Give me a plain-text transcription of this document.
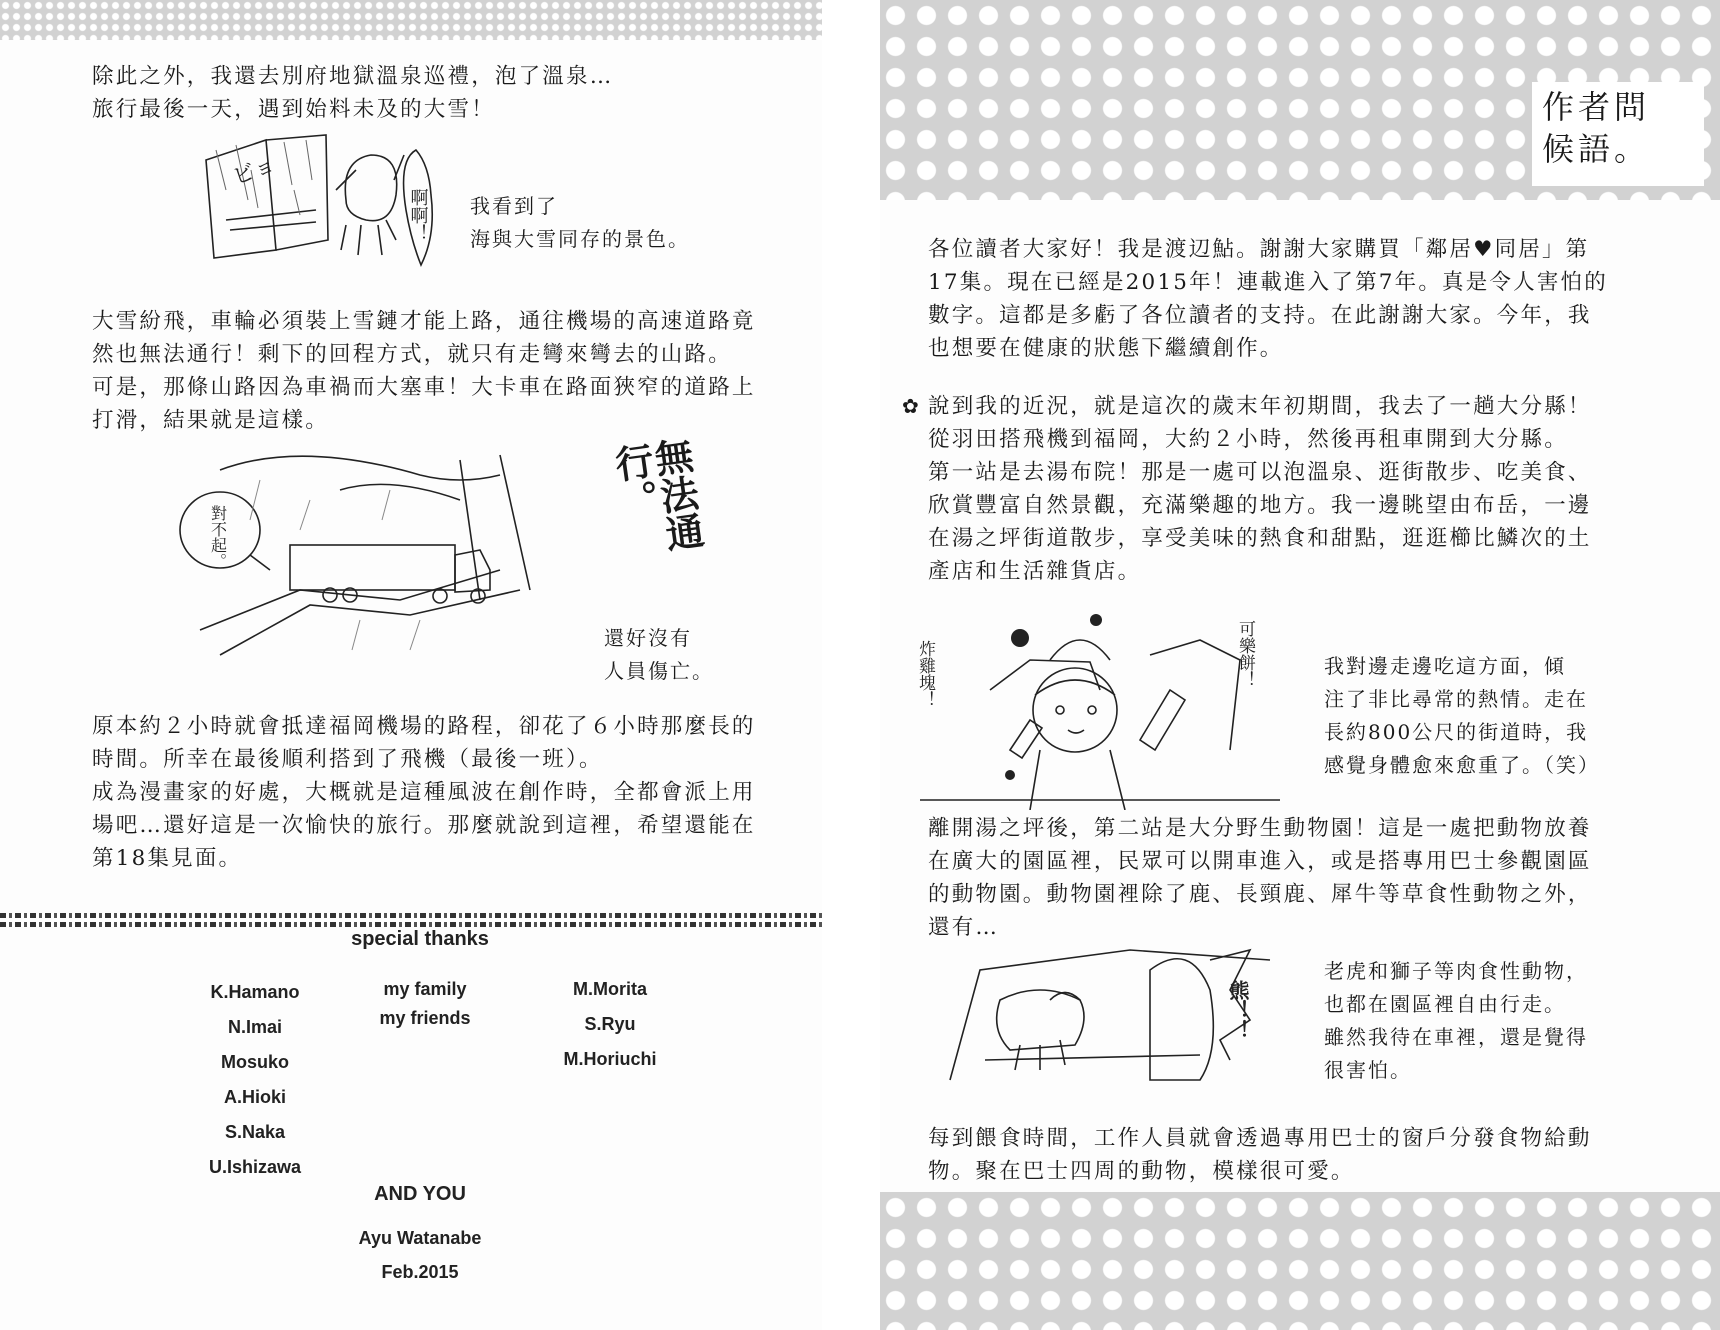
除此之外，我還去別府地獄溫泉巡禮，泡了溫泉…
旅行最後一天，遇到始料未及的大雪！
ビョ
啊啊！ 我看到了
海與大雪同存的景色。
大雪紛飛，車輪必須裝上雪鏈才能上路，通往機場的高速道路竟
然也無法通行！剩下的回程方式，就只有走彎來彎去的山路。
可是，那條山路因為車禍而大塞車！大卡車在路面狹窄的道路上
打滑，結果就是這樣。
對不起。	無法通行。
還好沒有
人員傷亡。
原本約２小時就會抵達福岡機場的路程，卻花了６小時那麼長的
時間。所幸在最後順利搭到了飛機（最後一班）。
成為漫畫家的好處，大概就是這種風波在創作時，全都會派上用
場吧…還好這是一次愉快的旅行。那麼就說到這裡，希望還能在
第18集見面。
special thanks
K.Hamano
N.Imai
Mosuko
A.Hioki
S.Naka
U.Ishizawa
my family
my friends
M.Morita
S.Ryu
M.Horiuchi
AND YOU
Ayu Watanabe
Feb.2015
作者問
候語。
各位讀者大家好！我是渡辺鮎。謝謝大家購買「鄰居♥同居」第
17集。現在已經是2015年！連載進入了第7年。真是令人害怕的
數字。這都是多虧了各位讀者的支持。在此謝謝大家。今年，我
也想要在健康的狀態下繼續創作。
✿ 說到我的近況，就是這次的歲末年初期間，我去了一趟大分縣！
從羽田搭飛機到福岡，大約２小時，然後再租車開到大分縣。
第一站是去湯布院！那是一處可以泡溫泉、逛街散步、吃美食、
欣賞豐富自然景觀，充滿樂趣的地方。我一邊眺望由布岳，一邊
在湯之坪街道散步，享受美味的熱食和甜點，逛逛櫛比鱗次的土
產店和生活雜貨店。
炸雞塊！	可樂餅！	我對邊走邊吃這方面，傾
注了非比尋常的熱情。走在
長約800公尺的街道時，我
感覺身體愈來愈重了。（笑）
離開湯之坪後，第二站是大分野生動物園！這是一處把動物放養
在廣大的園區裡，民眾可以開車進入，或是搭專用巴士參觀園區
的動物園。動物園裡除了鹿、長頸鹿、犀牛等草食性動物之外，
還有…
熊！！
老虎和獅子等肉食性動物，
也都在園區裡自由行走。
雖然我待在車裡，還是覺得
很害怕。
每到餵食時間，工作人員就會透過專用巴士的窗戶分發食物給動
物。聚在巴士四周的動物，模樣很可愛。
